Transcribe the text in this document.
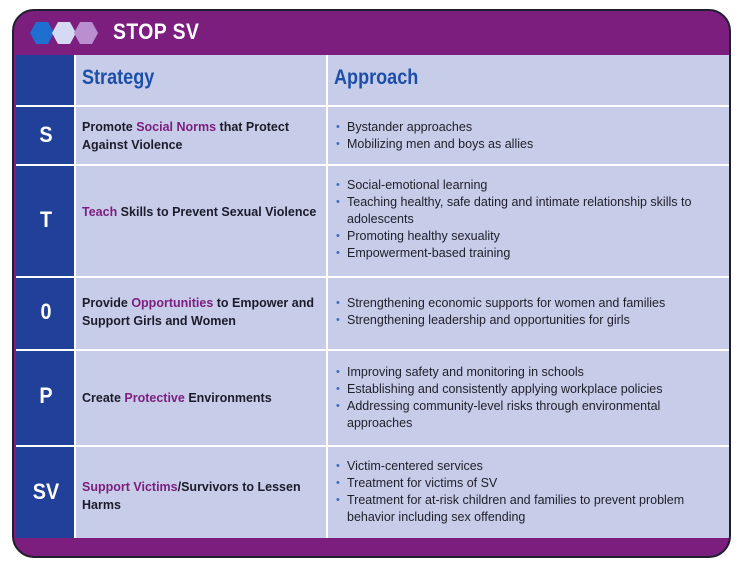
STOP SV
Strategy	Approach
S	Promote Social Norms that Protect Against Violence
• Bystander approaches
• Mobilizing men and boys as allies
T	Teach Skills to Prevent Sexual Violence
• Social-emotional learning
• Teaching healthy, safe dating and intimate relationship skills to adolescents
• Promoting healthy sexuality
• Empowerment-based training
0	Provide Opportunities to Empower and Support Girls and Women
• Strengthening economic supports for women and families
• Strengthening leadership and opportunities for girls
P	Create Protective Environments
• Improving safety and monitoring in schools
• Establishing and consistently applying workplace policies
• Addressing community-level risks through environmental approaches
SV	Support Victims/Survivors to Lessen Harms
• Victim-centered services
• Treatment for victims of SV
• Treatment for at-risk children and families to prevent problem behavior including sex offending
